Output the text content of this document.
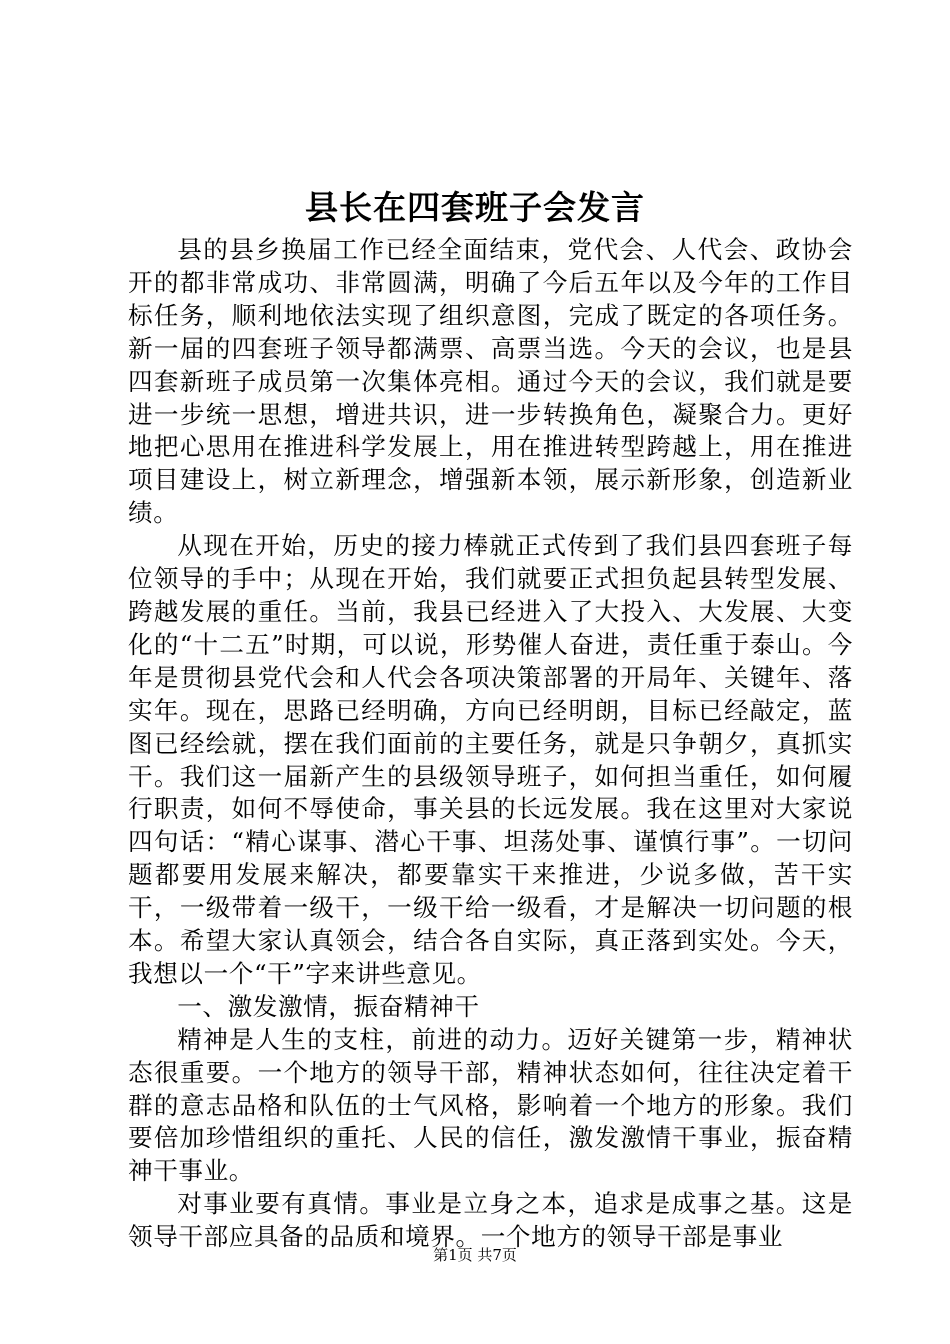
县长在四套班子会发言

县的县乡换届工作已经全面结束，党代会、人代会、政协会开的都非常成功、非常圆满，明确了今后五年以及今年的工作目标任务，顺利地依法实现了组织意图，完成了既定的各项任务。新一届的四套班子领导都满票、高票当选。今天的会议，也是县四套新班子成员第一次集体亮相。通过今天的会议，我们就是要进一步统一思想，增进共识，进一步转换角色，凝聚合力。更好地把心思用在推进科学发展上，用在推进转型跨越上，用在推进项目建设上，树立新理念，增强新本领，展示新形象，创造新业绩。

从现在开始，历史的接力棒就正式传到了我们县四套班子每位领导的手中；从现在开始，我们就要正式担负起县转型发展、跨越发展的重任。当前，我县已经进入了大投入、大发展、大变化的“十二五”时期，可以说，形势催人奋进，责任重于泰山。今年是贯彻县党代会和人代会各项决策部署的开局年、关键年、落实年。现在，思路已经明确，方向已经明朗，目标已经敲定，蓝图已经绘就，摆在我们面前的主要任务，就是只争朝夕，真抓实干。我们这一届新产生的县级领导班子，如何担当重任，如何履行职责，如何不辱使命，事关县的长远发展。我在这里对大家说四句话：“精心谋事、潜心干事、坦荡处事、谨慎行事”。一切问题都要用发展来解决，都要靠实干来推进，少说多做，苦干实干，一级带着一级干，一级干给一级看，才是解决一切问题的根本。希望大家认真领会，结合各自实际，真正落到实处。今天，我想以一个“干”字来讲些意见。

一、激发激情，振奋精神干

精神是人生的支柱，前进的动力。迈好关键第一步，精神状态很重要。一个地方的领导干部，精神状态如何，往往决定着干群的意志品格和队伍的士气风格，影响着一个地方的形象。我们要倍加珍惜组织的重托、人民的信任，激发激情干事业，振奋精神干事业。

对事业要有真情。事业是立身之本，追求是成事之基。这是领导干部应具备的品质和境界。一个地方的领导干部是事业

第1页 共7页
